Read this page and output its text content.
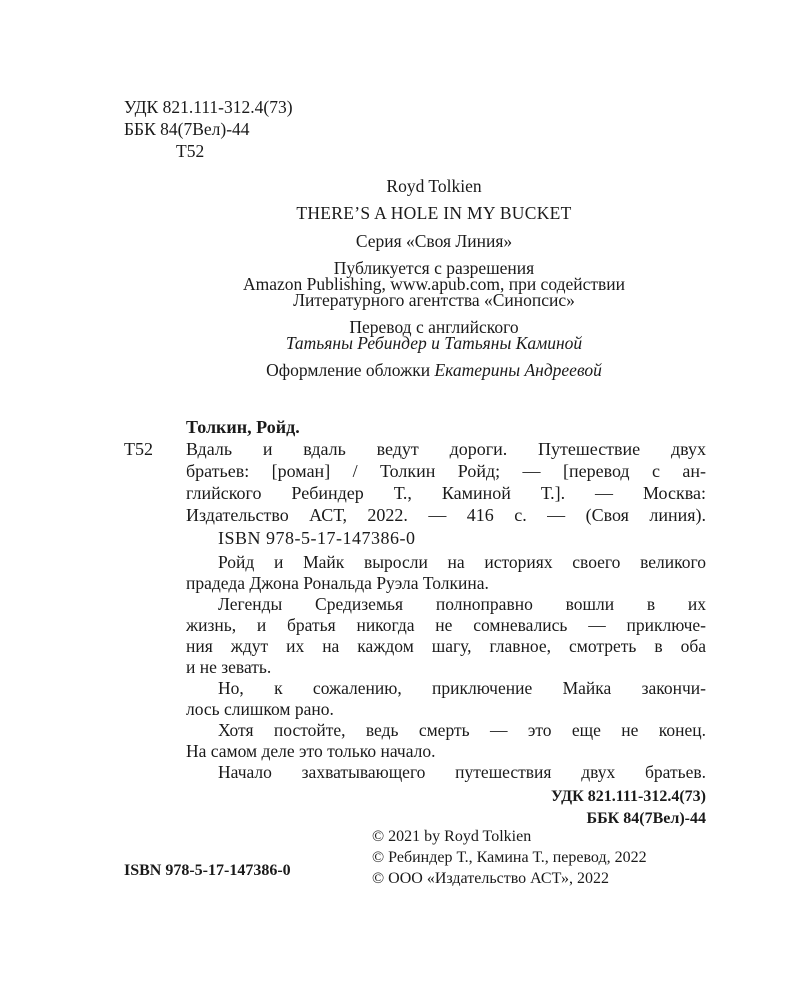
УДК 821.111-312.4(73)
ББК 84(7Вел)-44
Т52
Royd Tolkien
THERE’S A HOLE IN MY BUCKET
Серия «Своя Линия»
Публикуется с разрешения
Amazon Publishing, www.apub.com, при содействии
Литературного агентства «Синопсис»
Перевод с английского
Татьяны Ребиндер и Татьяны Каминой
Оформление обложки Екатерины Андреевой
Толкин, Ройд.
Т52 Вдаль и вдаль ведут дороги. Путешествие двух
братьев: [роман] / Толкин Ройд; — [перевод с ан-
глийского Ребиндер Т., Каминой Т.]. — Москва:
Издательство АСТ, 2022. — 416 с. — (Своя линия).
ISBN 978-5-17-147386-0
Ройд и Майк выросли на историях своего великого
прадеда Джона Рональда Руэла Толкина.
Легенды Средиземья полноправно вошли в их
жизнь, и братья никогда не сомневались — приключе-
ния ждут их на каждом шагу, главное, смотреть в оба
и не зевать.
Но, к сожалению, приключение Майка закончи-
лось слишком рано.
Хотя постойте, ведь смерть — это еще не конец.
На самом деле это только начало.
Начало захватывающего путешествия двух братьев.
УДК 821.111-312.4(73)
ББК 84(7Вел)-44
© 2021 by Royd Tolkien
© Ребиндер Т., Камина Т., перевод, 2022
© ООО «Издательство АСТ», 2022
ISBN 978-5-17-147386-0
